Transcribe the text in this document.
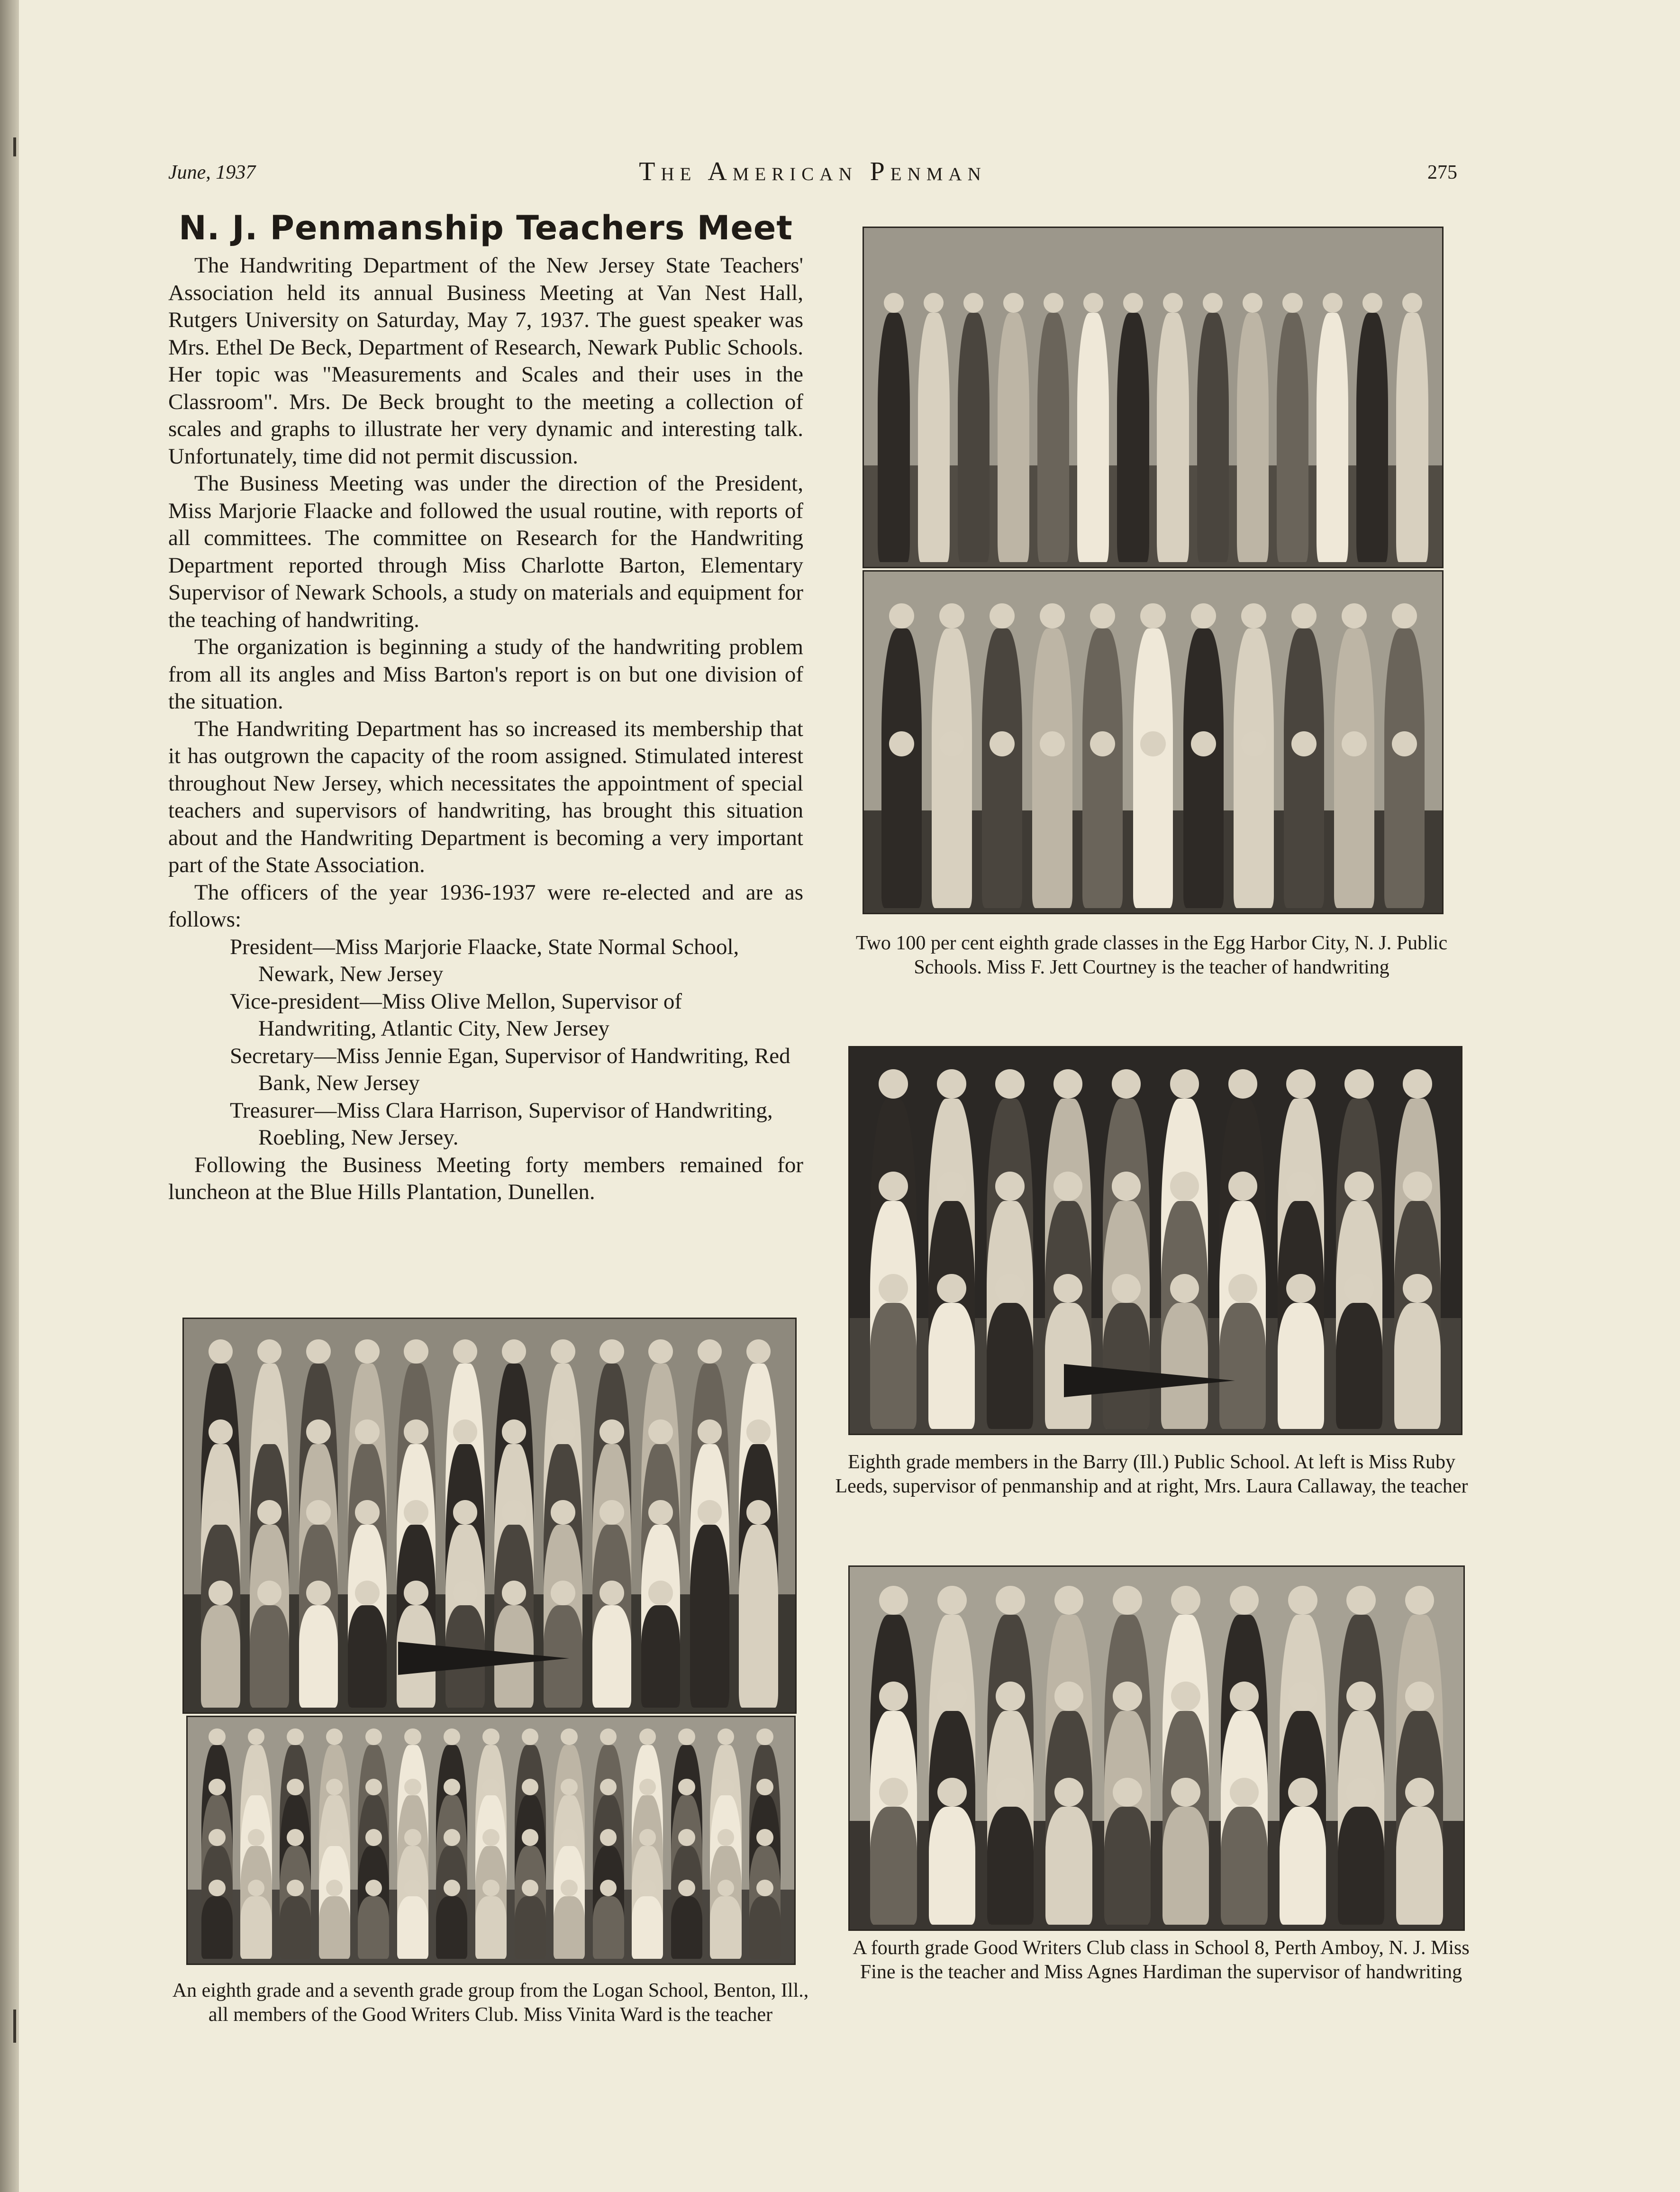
June, 1937	The American Penman	275
N. J. Penmanship Teachers Meet

The Handwriting Department of the New Jersey State Teachers' Association held its annual Business Meeting at Van Nest Hall, Rutgers University on Saturday, May 7, 1937. The guest speaker was Mrs. Ethel De Beck, Department of Research, Newark Public Schools. Her topic was "Measurements and Scales and their uses in the Classroom". Mrs. De Beck brought to the meeting a collection of scales and graphs to illustrate her very dynamic and interesting talk. Unfortunately, time did not permit discussion.

The Business Meeting was under the direction of the President, Miss Marjorie Flaacke and followed the usual routine, with reports of all committees. The committee on Research for the Handwriting Department reported through Miss Charlotte Barton, Elementary Supervisor of Newark Schools, a study on materials and equipment for the teaching of handwriting.

The organization is beginning a study of the handwriting problem from all its angles and Miss Barton's report is on but one division of the situation.

The Handwriting Department has so increased its membership that it has outgrown the capacity of the room assigned. Stimulated interest throughout New Jersey, which necessitates the appointment of special teachers and supervisors of handwriting, has brought this situation about and the Handwriting Department is becoming a very important part of the State Association.

The officers of the year 1936-1937 were re-elected and are as follows:

President—Miss Marjorie Flaacke, State Normal School, Newark, New Jersey
Vice-president—Miss Olive Mellon, Supervisor of Handwriting, Atlantic City, New Jersey
Secretary—Miss Jennie Egan, Supervisor of Handwriting, Red Bank, New Jersey
Treasurer—Miss Clara Harrison, Supervisor of Handwriting, Roebling, New Jersey.

Following the Business Meeting forty members remained for luncheon at the Blue Hills Plantation, Dunellen.

Two 100 per cent eighth grade classes in the Egg Harbor City, N. J. Public Schools. Miss F. Jett Courtney is the teacher of handwriting
Eighth grade members in the Barry (Ill.) Public School. At left is Miss Ruby Leeds, supervisor of penmanship and at right, Mrs. Laura Callaway, the teacher
An eighth grade and a seventh grade group from the Logan School, Benton, Ill., all members of the Good Writers Club. Miss Vinita Ward is the teacher
A fourth grade Good Writers Club class in School 8, Perth Amboy, N. J. Miss Fine is the teacher and Miss Agnes Hardiman the supervisor of handwriting
